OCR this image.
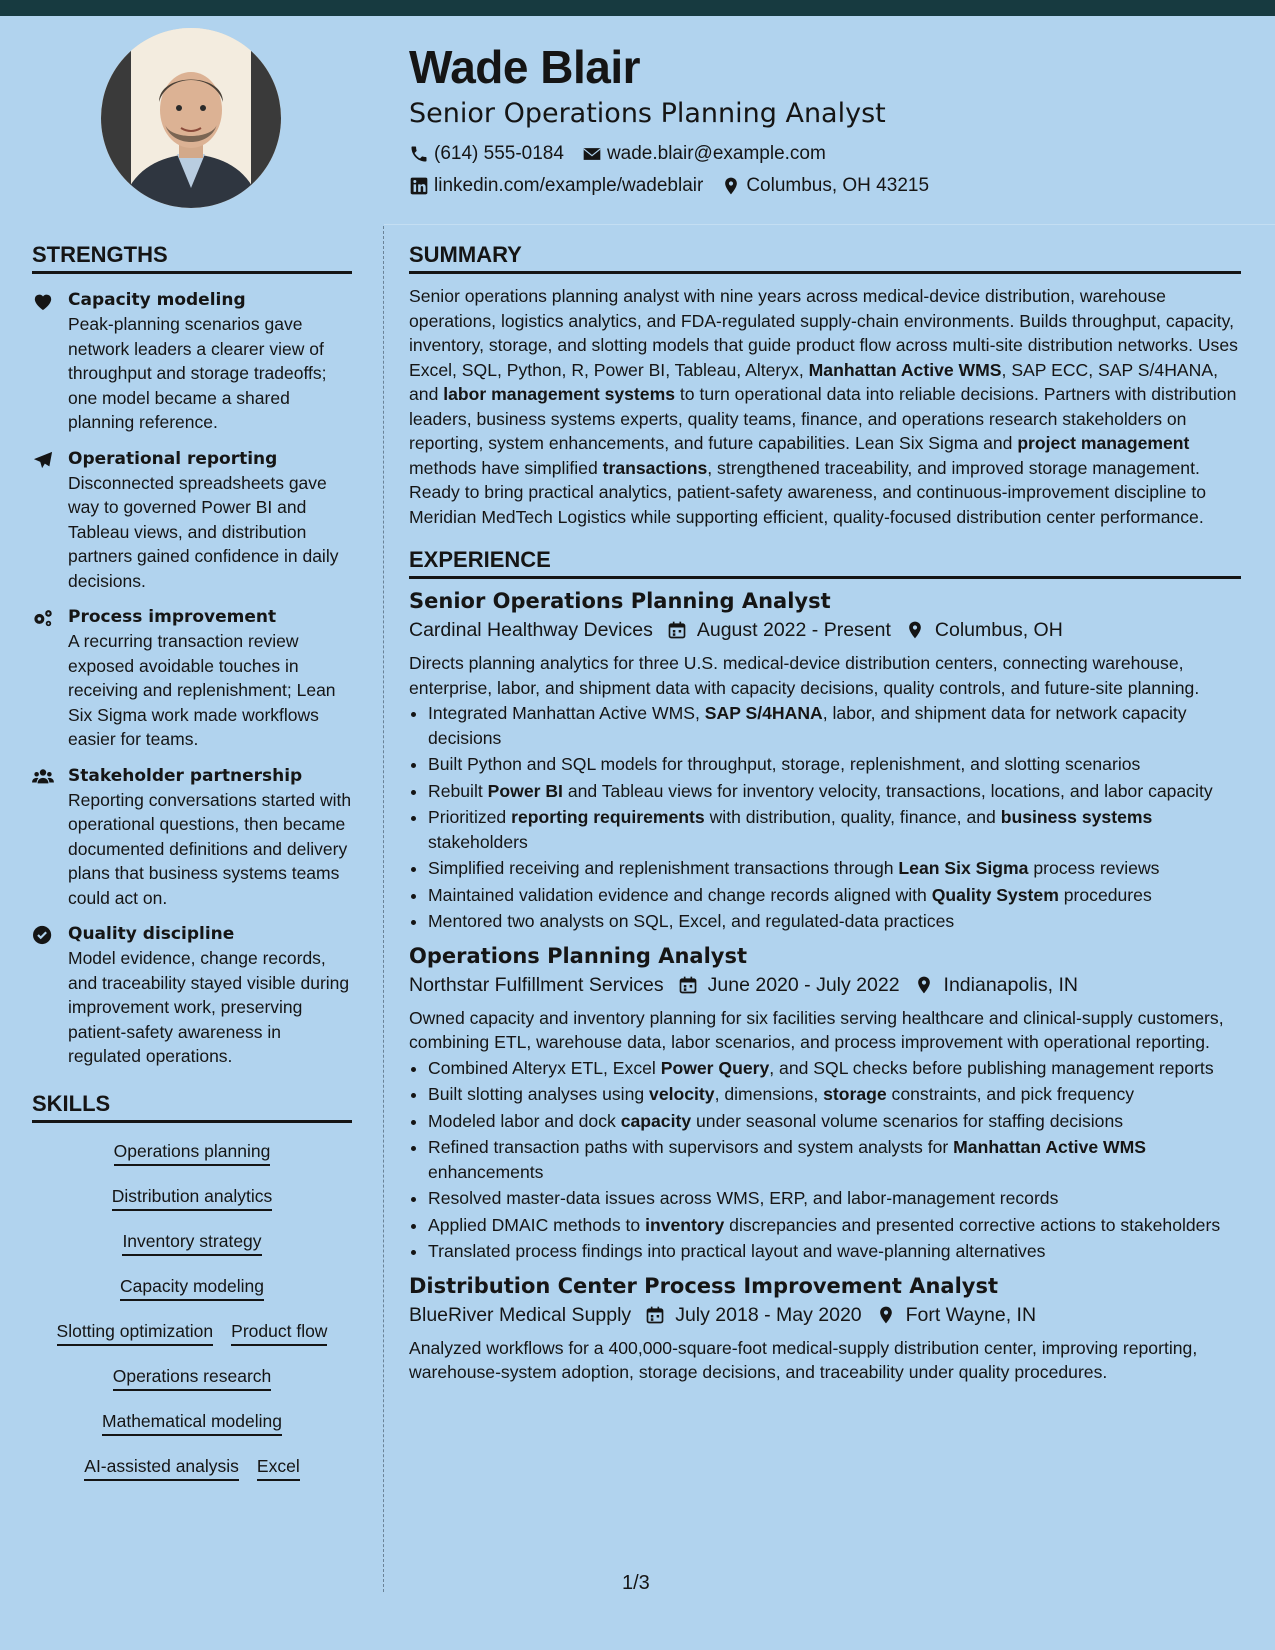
Wade Blair
Senior Operations Planning Analyst
(614) 555-0184 wade.blair@example.com
linkedin.com/example/wadeblair Columbus, OH 43215
STRENGTHS
Capacity modeling
Peak-planning scenarios gave network leaders a clearer view of throughput and storage tradeoffs; one model became a shared planning reference.
Operational reporting
Disconnected spreadsheets gave way to governed Power BI and Tableau views, and distribution partners gained confidence in daily decisions.
Process improvement
A recurring transaction review exposed avoidable touches in receiving and replenishment; Lean Six Sigma work made workflows easier for teams.
Stakeholder partnership
Reporting conversations started with operational questions, then became documented definitions and delivery plans that business systems teams could act on.
Quality discipline
Model evidence, change records, and traceability stayed visible during improvement work, preserving patient-safety awareness in regulated operations.
SKILLS
Operations planning
Distribution analytics
Inventory strategy
Capacity modeling
Slotting optimization Product flow
Operations research
Mathematical modeling
AI-assisted analysis Excel
SUMMARY
Senior operations planning analyst with nine years across medical-device distribution, warehouse operations, logistics analytics, and FDA-regulated supply-chain environments. Builds throughput, capacity, inventory, storage, and slotting models that guide product flow across multi-site distribution networks. Uses Excel, SQL, Python, R, Power BI, Tableau, Alteryx, Manhattan Active WMS, SAP ECC, SAP S/4HANA, and labor management systems to turn operational data into reliable decisions. Partners with distribution leaders, business systems experts, quality teams, finance, and operations research stakeholders on reporting, system enhancements, and future capabilities. Lean Six Sigma and project management methods have simplified transactions, strengthened traceability, and improved storage management. Ready to bring practical analytics, patient-safety awareness, and continuous-improvement discipline to Meridian MedTech Logistics while supporting efficient, quality-focused distribution center performance.
EXPERIENCE
Senior Operations Planning Analyst
Cardinal Healthway Devices August 2022 - Present Columbus, OH
Directs planning analytics for three U.S. medical-device distribution centers, connecting warehouse, enterprise, labor, and shipment data with capacity decisions, quality controls, and future-site planning.
• Integrated Manhattan Active WMS, SAP S/4HANA, labor, and shipment data for network capacity decisions
• Built Python and SQL models for throughput, storage, replenishment, and slotting scenarios
• Rebuilt Power BI and Tableau views for inventory velocity, transactions, locations, and labor capacity
• Prioritized reporting requirements with distribution, quality, finance, and business systems stakeholders
• Simplified receiving and replenishment transactions through Lean Six Sigma process reviews
• Maintained validation evidence and change records aligned with Quality System procedures
• Mentored two analysts on SQL, Excel, and regulated-data practices
Operations Planning Analyst
Northstar Fulfillment Services June 2020 - July 2022 Indianapolis, IN
Owned capacity and inventory planning for six facilities serving healthcare and clinical-supply customers, combining ETL, warehouse data, labor scenarios, and process improvement with operational reporting.
• Combined Alteryx ETL, Excel Power Query, and SQL checks before publishing management reports
• Built slotting analyses using velocity, dimensions, storage constraints, and pick frequency
• Modeled labor and dock capacity under seasonal volume scenarios for staffing decisions
• Refined transaction paths with supervisors and system analysts for Manhattan Active WMS enhancements
• Resolved master-data issues across WMS, ERP, and labor-management records
• Applied DMAIC methods to inventory discrepancies and presented corrective actions to stakeholders
• Translated process findings into practical layout and wave-planning alternatives
Distribution Center Process Improvement Analyst
BlueRiver Medical Supply July 2018 - May 2020 Fort Wayne, IN
Analyzed workflows for a 400,000-square-foot medical-supply distribution center, improving reporting, warehouse-system adoption, storage decisions, and traceability under quality procedures.
1/3
